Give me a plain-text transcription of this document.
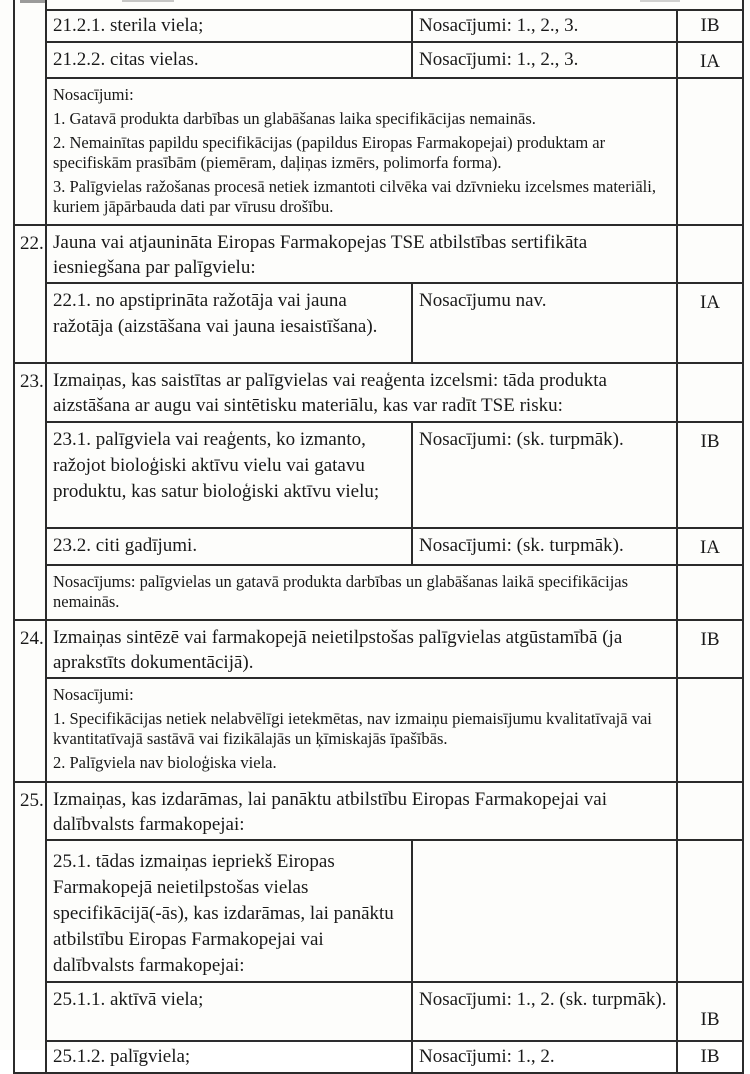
	21.2.1. sterila viela;	Nosacījumi: 1., 2., 3.	IB
	21.2.2. citas vielas.	Nosacījumi: 1., 2., 3.	IA

	Nosacījumi:
1. Gatavā produkta darbības un glabāšanas laika specifikācijas nemainās.
2. Nemainītas papildu specifikācijas (papildus Eiropas Farmakopejai) produktam ar specifiskām prasībām (piemēram, daļiņas izmērs, polimorfa forma).
3. Palīgvielas ražošanas procesā netiek izmantoti cilvēka vai dzīvnieku izcelsmes materiāli, kuriem jāpārbauda dati par vīrusu drošību.		

22.	Jauna vai atjaunināta Eiropas Farmakopejas TSE atbilstības sertifikāta iesniegšana par palīgvielu:		
	22.1. no apstiprināta ražotāja vai jauna ražotāja (aizstāšana vai jauna iesaistīšana).	Nosacījumu nav.	IA
23.	Izmaiņas, kas saistītas ar palīgvielas vai reaģenta izcelsmi: tāda produkta aizstāšana ar augu vai sintētisku materiālu, kas var radīt TSE risku:		
	23.1. palīgviela vai reaģents, ko izmanto, ražojot bioloģiski aktīvu vielu vai gatavu produktu, kas satur bioloģiski aktīvu vielu;	Nosacījumi: (sk. turpmāk).	IB
	23.2. citi gadījumi.	Nosacījumi: (sk. turpmāk).	IA

	Nosacījums: palīgvielas un gatavā produkta darbības un glabāšanas laikā specifikācijas nemainās.		

24.	Izmaiņas sintēzē vai farmakopejā neietilpstošas palīgvielas atgūstamībā (ja aprakstīts dokumentācijā).		IB

	Nosacījumi:
1. Specifikācijas netiek nelabvēlīgi ietekmētas, nav izmaiņu piemaisījumu kvalitatīvajā vai kvantitatīvajā sastāvā vai fizikālajās un ķīmiskajās īpašībās.
2. Palīgviela nav bioloģiska viela.		

25.	Izmaiņas, kas izdarāmas, lai panāktu atbilstību Eiropas Farmakopejai vai dalībvalsts farmakopejai:		
	25.1. tādas izmaiņas iepriekš Eiropas Farmakopejā neietilpstošas vielas specifikācijā(-ās), kas izdarāmas, lai panāktu atbilstību Eiropas Farmakopejai vai dalībvalsts farmakopejai:		
	25.1.1. aktīvā viela;	Nosacījumi: 1., 2. (sk. turpmāk).	IB
	25.1.2. palīgviela;	Nosacījumi: 1., 2.	IB
